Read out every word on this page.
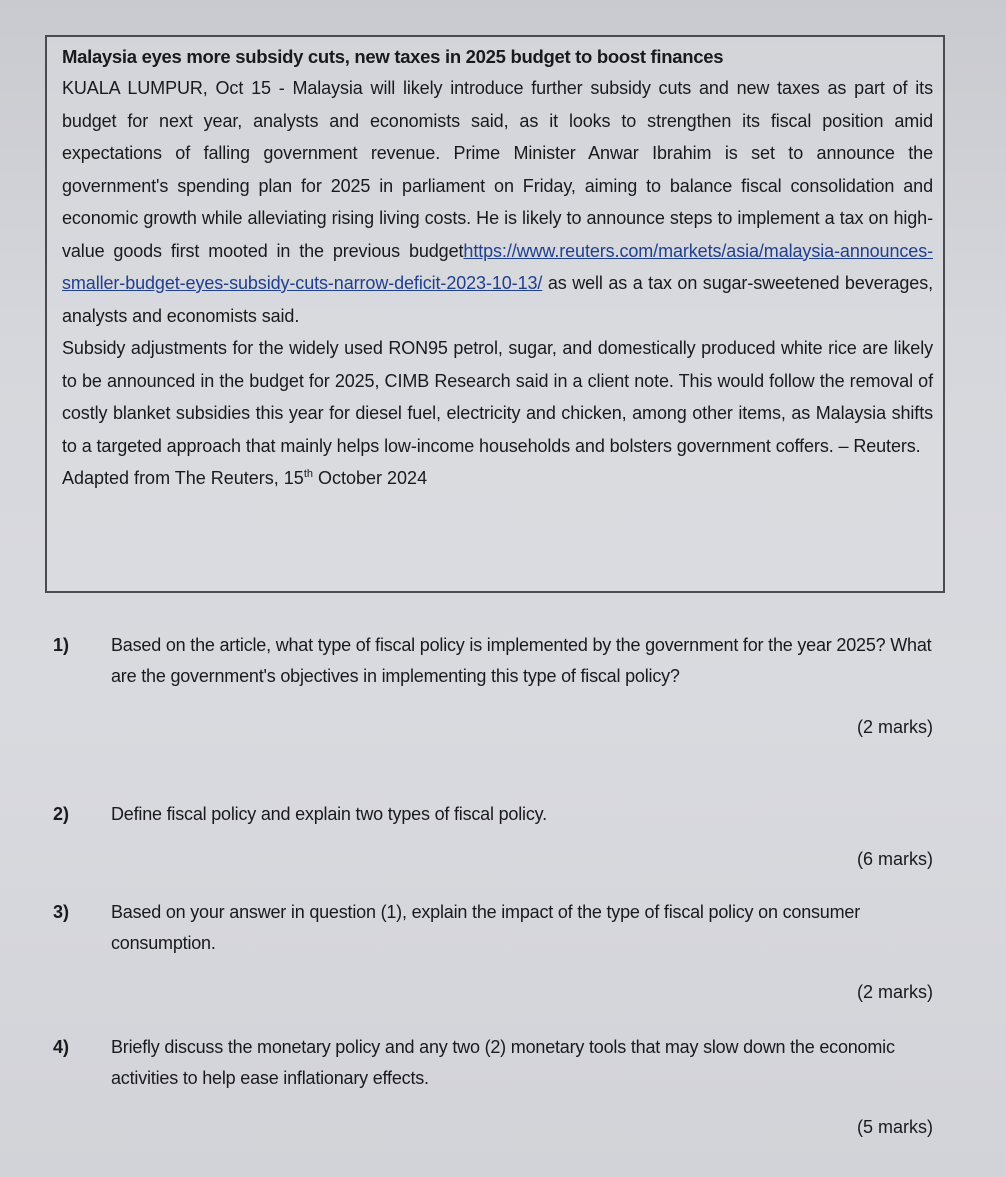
Malaysia eyes more subsidy cuts, new taxes in 2025 budget to boost finances

KUALA LUMPUR, Oct 15 - Malaysia will likely introduce further subsidy cuts and new taxes as part of its budget for next year, analysts and economists said, as it looks to strengthen its fiscal position amid expectations of falling government revenue. Prime Minister Anwar Ibrahim is set to announce the government's spending plan for 2025 in parliament on Friday, aiming to balance fiscal consolidation and economic growth while alleviating rising living costs. He is likely to announce steps to implement a tax on high-value goods first mooted in the previous budgethttps://www.reuters.com/markets/asia/malaysia-announces-smaller-budget-eyes-subsidy-cuts-narrow-deficit-2023-10-13/ as well as a tax on sugar-sweetened beverages, analysts and economists said.

Subsidy adjustments for the widely used RON95 petrol, sugar, and domestically produced white rice are likely to be announced in the budget for 2025, CIMB Research said in a client note. This would follow the removal of costly blanket subsidies this year for diesel fuel, electricity and chicken, among other items, as Malaysia shifts to a targeted approach that mainly helps low-income households and bolsters government coffers. – Reuters.

Adapted from The Reuters, 15th October 2024

1) Based on the article, what type of fiscal policy is implemented by the government for the year 2025? What are the government's objectives in implementing this type of fiscal policy?
(2 marks)
2) Define fiscal policy and explain two types of fiscal policy.
(6 marks)
3) Based on your answer in question (1), explain the impact of the type of fiscal policy on consumer consumption.
(2 marks)
4) Briefly discuss the monetary policy and any two (2) monetary tools that may slow down the economic activities to help ease inflationary effects.
(5 marks)
